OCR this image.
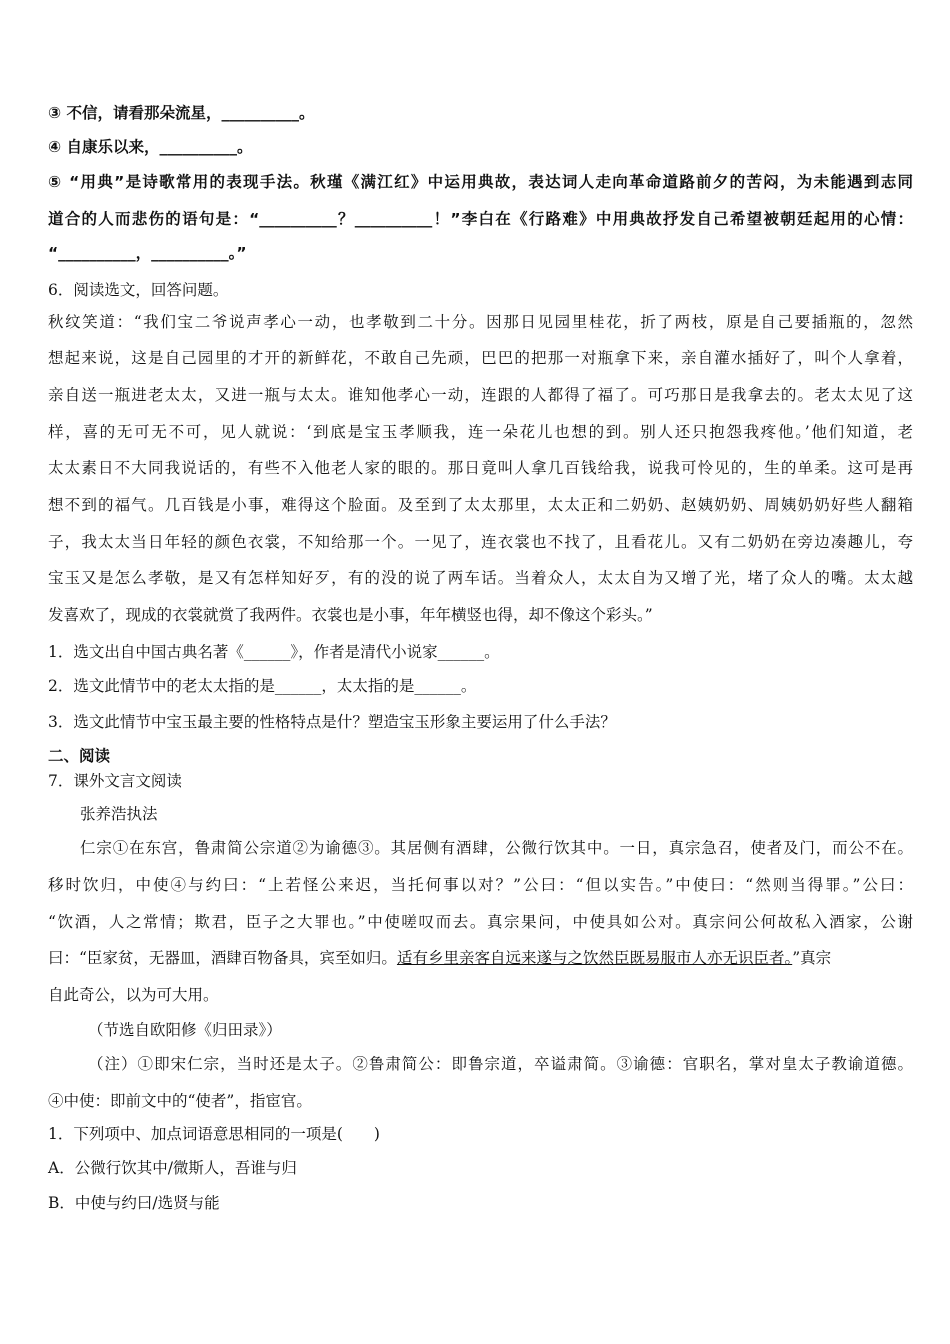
③ 不信，请看那朵流星，__________。
④ 自康乐以来，__________。
⑤ “用典”是诗歌常用的表现手法。秋瑾《满江红》中运用典故，表达词人走向革命道路前夕的苦闷，为未能遇到志同
道合的人而悲伤的语句是：“__________？__________！”李白在《行路难》中用典故抒发自己希望被朝廷起用的心情：
“__________，__________。”
6．阅读选文，回答问题。
秋纹笑道：“我们宝二爷说声孝心一动，也孝敬到二十分。因那日见园里桂花，折了两枝，原是自己要插瓶的，忽然
想起来说，这是自己园里的才开的新鲜花，不敢自己先顽，巴巴的把那一对瓶拿下来，亲自灌水插好了，叫个人拿着，
亲自送一瓶进老太太，又进一瓶与太太。谁知他孝心一动，连跟的人都得了福了。可巧那日是我拿去的。老太太见了这
样，喜的无可无不可，见人就说：‘到底是宝玉孝顺我，连一朵花儿也想的到。别人还只抱怨我疼他。’他们知道，老
太太素日不大同我说话的，有些不入他老人家的眼的。那日竟叫人拿几百钱给我，说我可怜见的，生的单柔。这可是再
想不到的福气。几百钱是小事，难得这个脸面。及至到了太太那里，太太正和二奶奶、赵姨奶奶、周姨奶奶好些人翻箱
子，我太太当日年轻的颜色衣裳，不知给那一个。一见了，连衣裳也不找了，且看花儿。又有二奶奶在旁边凑趣儿，夸
宝玉又是怎么孝敬，是又有怎样知好歹，有的没的说了两车话。当着众人，太太自为又增了光，堵了众人的嘴。太太越
发喜欢了，现成的衣裳就赏了我两件。衣裳也是小事，年年横竖也得，却不像这个彩头。”
1．选文出自中国古典名著《______》，作者是清代小说家______。
2．选文此情节中的老太太指的是______，太太指的是______。
3．选文此情节中宝玉最主要的性格特点是什？塑造宝玉形象主要运用了什么手法？
二、阅读
7．课外文言文阅读
张养浩执法
仁宗①在东宫，鲁肃简公宗道②为谕德③。其居侧有酒肆，公微行饮其中。一日，真宗急召，使者及门，而公不在。
移时饮归，中使④与约曰：“上若怪公来迟，当托何事以对？”公曰：“但以实告。”中使曰：“然则当得罪。”公曰：
“饮酒，人之常情；欺君，臣子之大罪也。”中使嗟叹而去。真宗果问，中使具如公对。真宗问公何故私入酒家，公谢
曰：“臣家贫，无器皿，酒肆百物备具，宾至如归。适有乡里亲客自远来遂与之饮然臣既易服市人亦无识臣者。”真宗
自此奇公，以为可大用。
（节选自欧阳修《归田录》）
（注）①即宋仁宗，当时还是太子。②鲁肃简公：即鲁宗道，卒谥肃简。③谕德：官职名，掌对皇太子教谕道德。
④中使：即前文中的“使者”，指宦官。
1．下列项中、加点词语意思相同的一项是(　　)
A．公微行饮其中/微斯人，吾谁与归
B．中使与约曰/选贤与能
